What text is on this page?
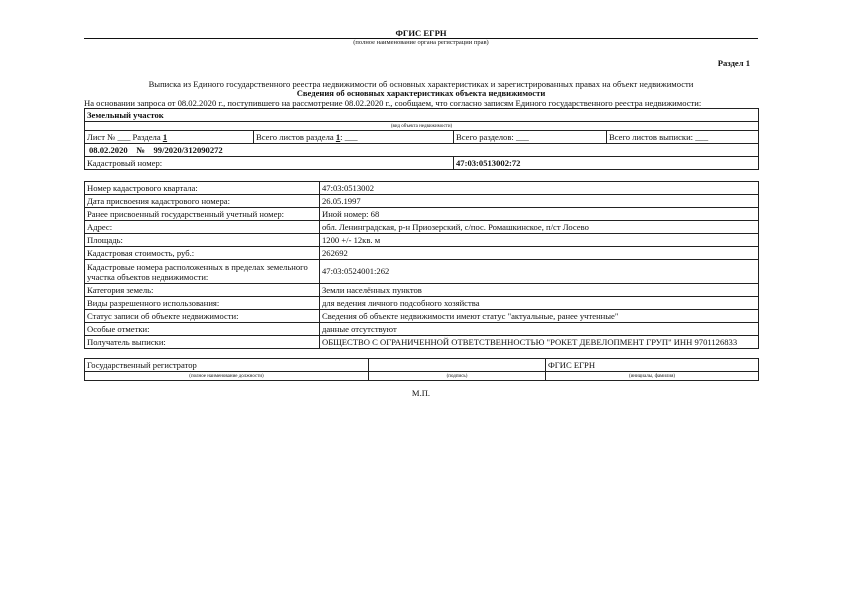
ФГИС ЕГРН
(полное наименование органа регистрации прав)
Раздел 1
Выписка из Единого государственного реестра недвижимости об основных характеристиках и зарегистрированных правах на объект недвижимости
Сведения об основных характеристиках объекта недвижимости
На основании запроса от 08.02.2020 г., поступившего на рассмотрение 08.02.2020 г., сообщаем, что согласно записям Единого государственного реестра недвижимости:
Земельный участок			
(вид объекта недвижимости)			
Лист № ___ Раздела 1	Всего листов раздела 1: ___	Всего разделов: ___	Всего листов выписки: ___
08.02.2020    №    99/2020/312090272			
Кадастровый номер:		47:03:0513002:72	
Номер кадастрового квартала:	47:03:0513002
Дата присвоения кадастрового номера:	26.05.1997
Ранее присвоенный государственный учетный номер:	Иной номер: 68
Адрес:	обл. Ленинградская, р-н Приозерский, с/пос. Ромашкинское, п/ст Лосево
Площадь:	1200 +/- 12кв. м
Кадастровая стоимость, руб.:	262692
Кадастровые номера расположенных в пределах земельного участка объектов недвижимости:	47:03:0524001:262
Категория земель:	Земли населённых пунктов
Виды разрешенного использования:	для ведения личного подсобного хозяйства
Статус записи об объекте недвижимости:	Сведения об объекте недвижимости имеют статус "актуальные, ранее учтенные"
Особые отметки:	данные отсутствуют
Получатель выписки:	ОБЩЕСТВО С ОГРАНИЧЕННОЙ ОТВЕТСТВЕННОСТЬЮ "РОКЕТ ДЕВЕЛОПМЕНТ ГРУП" ИНН 9701126833
Государственный регистратор		ФГИС ЕГРН
(полное наименование должности)	(подпись)	(инициалы, фамилия)
М.П.
